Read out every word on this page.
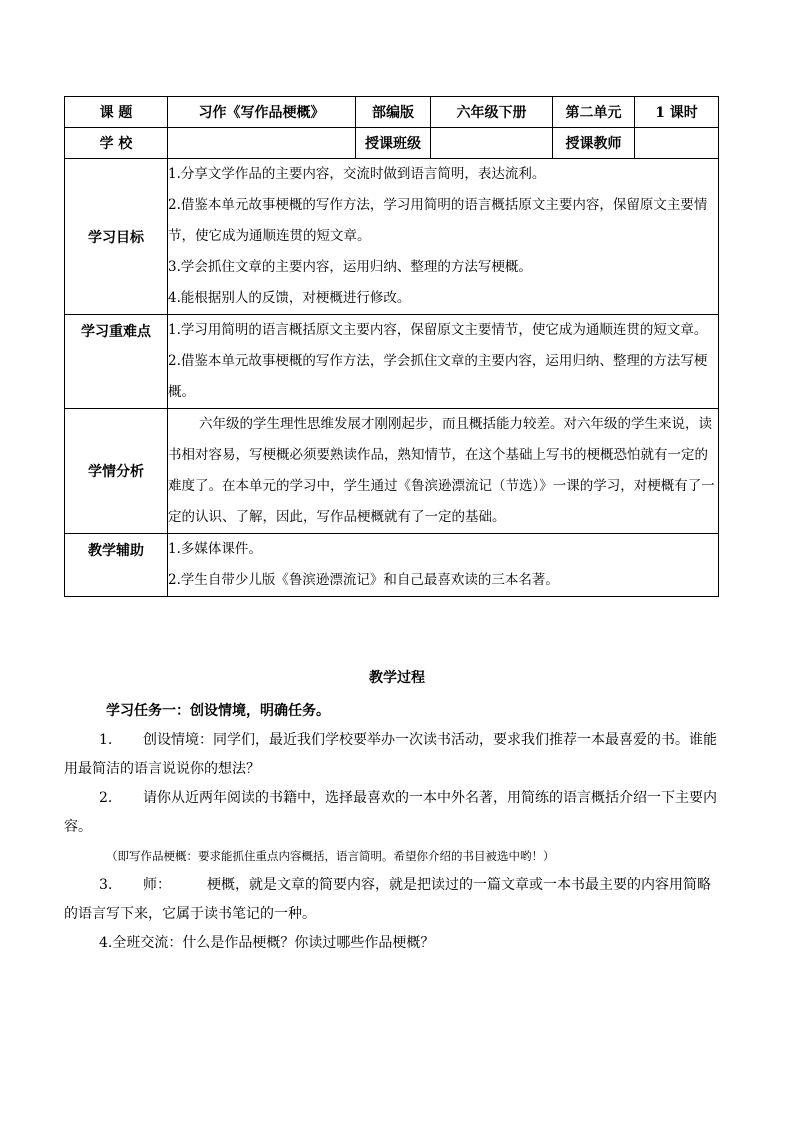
课 题	习作《写作品梗概》	部编版	六年级下册	第二单元	1 课时
学 校		授课班级		授课教师	
学习目标	1.分享文学作品的主要内容，交流时做到语言简明，表达流利。

2.借鉴本单元故事梗概的写作方法，学习用简明的语言概括原文主要内容，保留原文主要情节，使它成为通顺连贯的短文章。

3.学会抓住文章的主要内容，运用归纳、整理的方法写梗概。

4.能根据别人的反馈，对梗概进行修改。				

学习重难点	1.学习用简明的语言概括原文主要内容，保留原文主要情节，使它成为通顺连贯的短文章。

2.借鉴本单元故事梗概的写作方法，学会抓住文章的主要内容，运用归纳、整理的方法写梗概。				

学情分析	六年级的学生理性思维发展才刚刚起步，而且概括能力较差。对六年级的学生来说，读书相对容易，写梗概必须要熟读作品，熟知情节，在这个基础上写书的梗概恐怕就有一定的难度了。在本单元的学习中，学生通过《鲁滨逊漂流记（节选）》一课的学习，对梗概有了一定的认识、了解，因此，写作品梗概就有了一定的基础。				

教学辅助	1.多媒体课件。

2.学生自带少儿版《鲁滨逊漂流记》和自己最喜欢读的三本名著。				

教学过程

学习任务一：创设情境，明确任务。

1. 创设情境：同学们，最近我们学校要举办一次读书活动，要求我们推荐一本最喜爱的书。谁能用最简洁的语言说说你的想法？

2. 请你从近两年阅读的书籍中，选择最喜欢的一本中外名著，用简练的语言概括介绍一下主要内容。

（即写作品梗概：要求能抓住重点内容概括，语言简明。希望你介绍的书目被选中哟！）

3. 师：	梗概，就是文章的简要内容，就是把读过的一篇文章或一本书最主要的内容用简略的语言写下来，它属于读书笔记的一种。

4.全班交流：什么是作品梗概？你读过哪些作品梗概？
